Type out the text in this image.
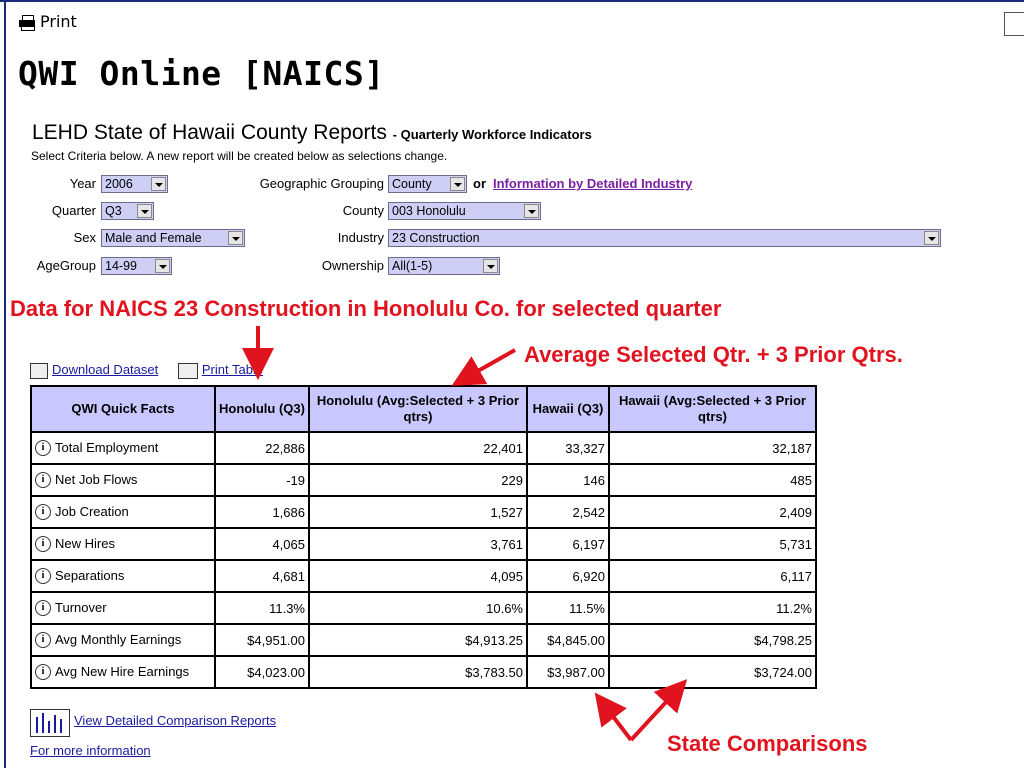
Print
QWI Online [NAICS]
LEHD State of Hawaii County Reports - Quarterly Workforce Indicators
Select Criteria below. A new report will be created below as selections change.
Year 2006
Quarter Q3
Sex Male and Female
AgeGroup 14-99
Geographic Grouping County	or Information by Detailed Industry
County 003 Honolulu
Industry 23 Construction
Ownership All(1-5)
Data for NAICS 23 Construction in Honolulu Co. for selected quarter
Average Selected Qtr. + 3 Prior Qtrs.
State Comparisons
Download Dataset	Print Table
QWI Quick Facts	Honolulu (Q3)	Honolulu (Avg:Selected + 3 Prior qtrs)	Hawaii (Q3)	Hawaii (Avg:Selected + 3 Prior qtrs)
i Total Employment	22,886	22,401	33,327	32,187
i Net Job Flows	-19	229	146	485
i Job Creation	1,686	1,527	2,542	2,409
i New Hires	4,065	3,761	6,197	5,731
i Separations	4,681	4,095	6,920	6,117
i Turnover	11.3%	10.6%	11.5%	11.2%
i Avg Monthly Earnings	$4,951.00	$4,913.25	$4,845.00	$4,798.25
i Avg New Hire Earnings	$4,023.00	$3,783.50	$3,987.00	$3,724.00
View Detailed Comparison Reports
For more information
